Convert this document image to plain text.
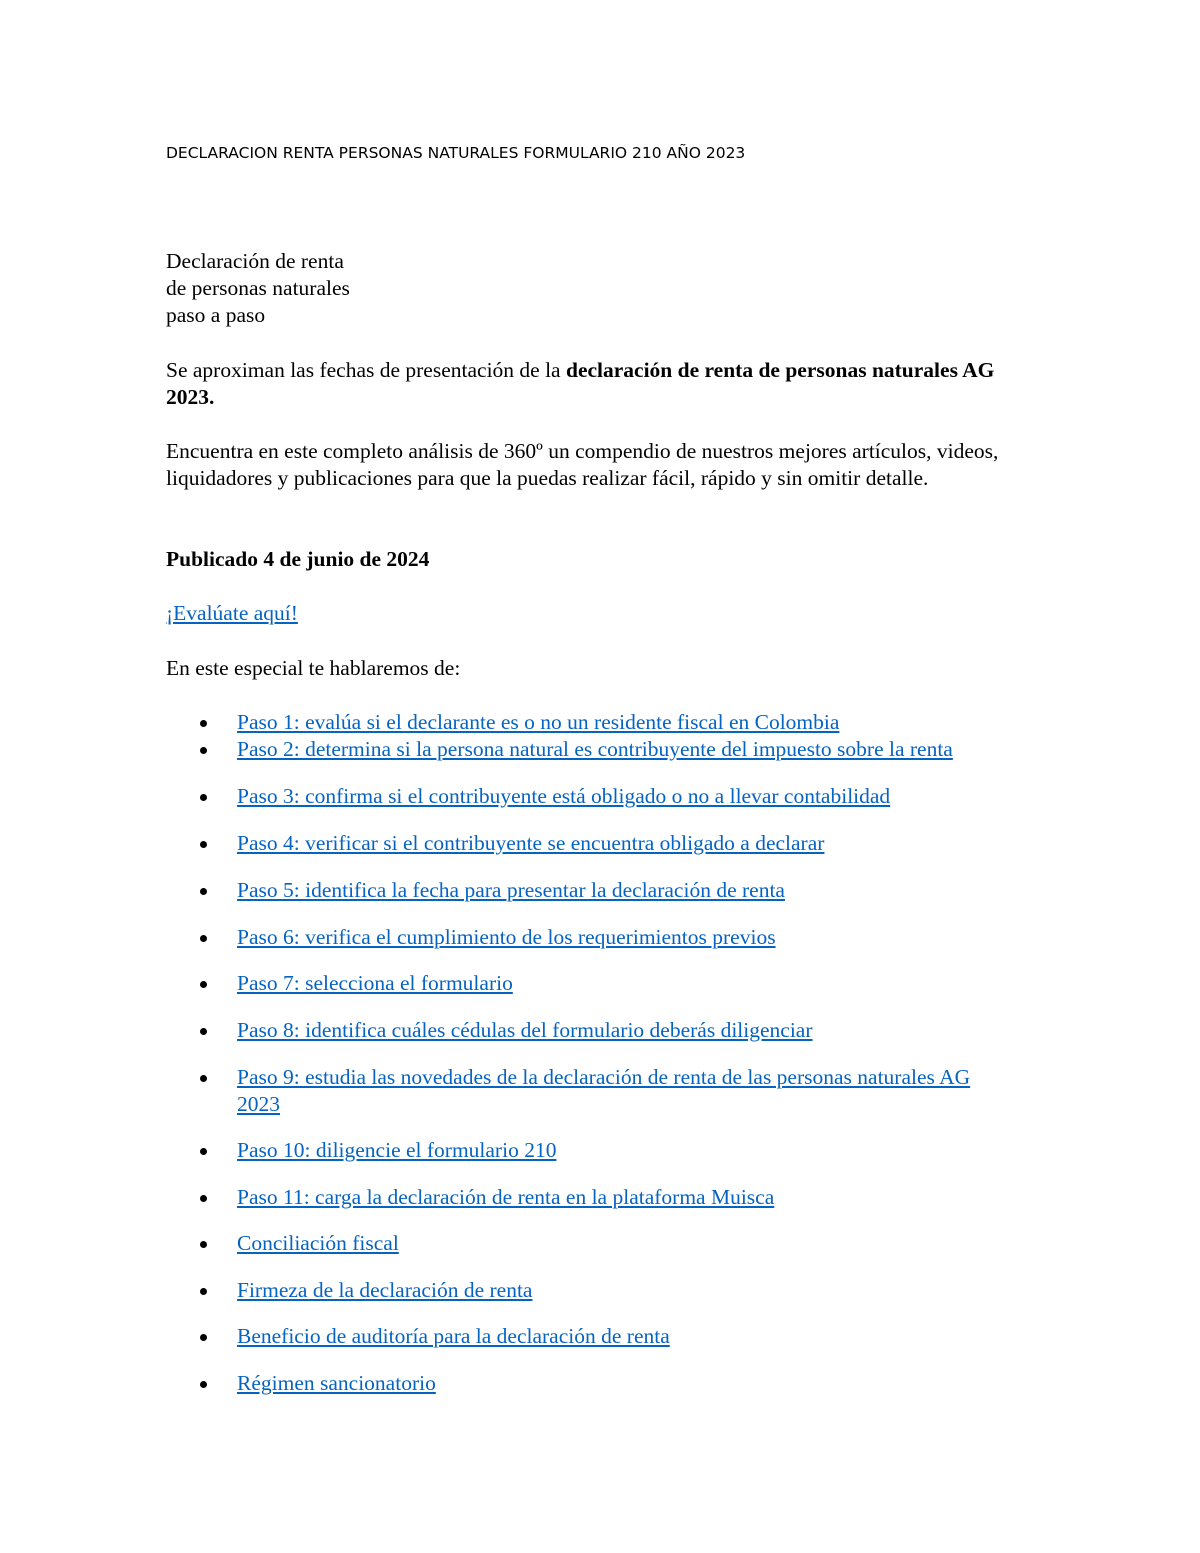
DECLARACION RENTA PERSONAS NATURALES FORMULARIO 210 AÑO 2023
Declaración de renta
de personas naturales
paso a paso

Se aproximan las fechas de presentación de la declaración de renta de personas naturales AG 2023.

Encuentra en este completo análisis de 360º un compendio de nuestros mejores artículos, videos, liquidadores y publicaciones para que la puedas realizar fácil, rápido y sin omitir detalle.

Publicado 4 de junio de 2024

¡Evalúate aquí!

En este especial te hablaremos de:

Paso 1: evalúa si el declarante es o no un residente fiscal en Colombia
Paso 2: determina si la persona natural es contribuyente del impuesto sobre la renta
Paso 3: confirma si el contribuyente está obligado o no a llevar contabilidad
Paso 4: verificar si el contribuyente se encuentra obligado a declarar
Paso 5: identifica la fecha para presentar la declaración de renta
Paso 6: verifica el cumplimiento de los requerimientos previos
Paso 7: selecciona el formulario
Paso 8: identifica cuáles cédulas del formulario deberás diligenciar
Paso 9: estudia las novedades de la declaración de renta de las personas naturales AG 2023
Paso 10: diligencie el formulario 210
Paso 11: carga la declaración de renta en la plataforma Muisca
Conciliación fiscal
Firmeza de la declaración de renta
Beneficio de auditoría para la declaración de renta
Régimen sancionatorio
